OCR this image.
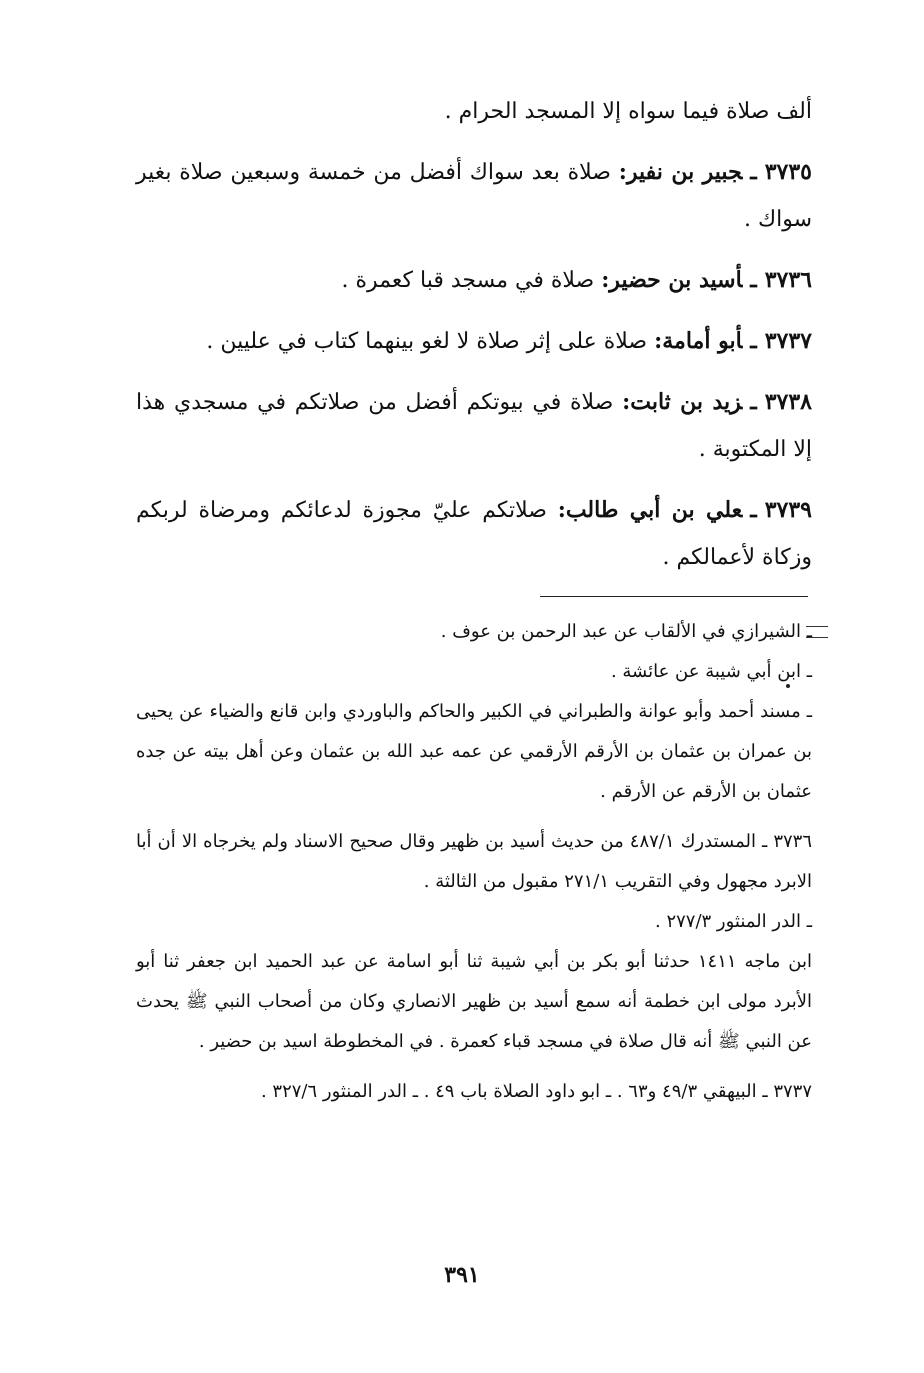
ألف صلاة فيما سواه إلا المسجد الحرام .

٣٧٣٥ـجبير بن نفير: صلاة بعد سواك أفضل من خمسة وسبعين صلاة بغير سواك .

٣٧٣٦ـأسيد بن حضير: صلاة في مسجد قبا كعمرة .

٣٧٣٧ـأبو أمامة: صلاة على إثر صلاة لا لغو بينهما كتاب في عليين .

٣٧٣٨ـزيد بن ثابت: صلاة في بيوتكم أفضل من صلاتكم في مسجدي هذا إلا المكتوبة .

٣٧٣٩ـعلي بن أبي طالب: صلاتكم عليّ مجوزة لدعائكم ومرضاة لربكم وزكاة لأعمالكم .

ـ الشيرازي في الألقاب عن عبد الرحمن بن عوف .

ـ ابن أبي شيبة عن عائشة .

ـ مسند أحمد وأبو عوانة والطبراني في الكبير والحاكم والباوردي وابن قانع والضياء عن يحيى بن عمران بن عثمان بن الأرقم الأرقمي عن عمه عبد الله بن عثمان وعن أهل بيته عن جده عثمان بن الأرقم عن الأرقم .

٣٧٣٦ ـ المستدرك ٤٨٧/١ من حديث أسيد بن ظهير وقال صحيح الاسناد ولم يخرجاه الا أن أبا الابرد مجهول وفي التقريب ٢٧١/١ مقبول من الثالثة .

ـ الدر المنثور ٢٧٧/٣ .

ابن ماجه ١٤١١ حدثنا أبو بكر بن أبي شيبة ثنا أبو اسامة عن عبد الحميد ابن جعفر ثنا أبو الأبرد مولى ابن خطمة أنه سمع أسيد بن ظهير الانصاري وكان من أصحاب النبي ﷺ يحدث عن النبي ﷺ أنه قال صلاة في مسجد قباء كعمرة . في المخطوطة اسيد بن حضير .

٣٧٣٧ ـ البيهقي ٤٩/٣ و٦٣ . ـ ابو داود الصلاة باب ٤٩ . ـ الدر المنثور ٣٢٧/٦ .

٣٩١
